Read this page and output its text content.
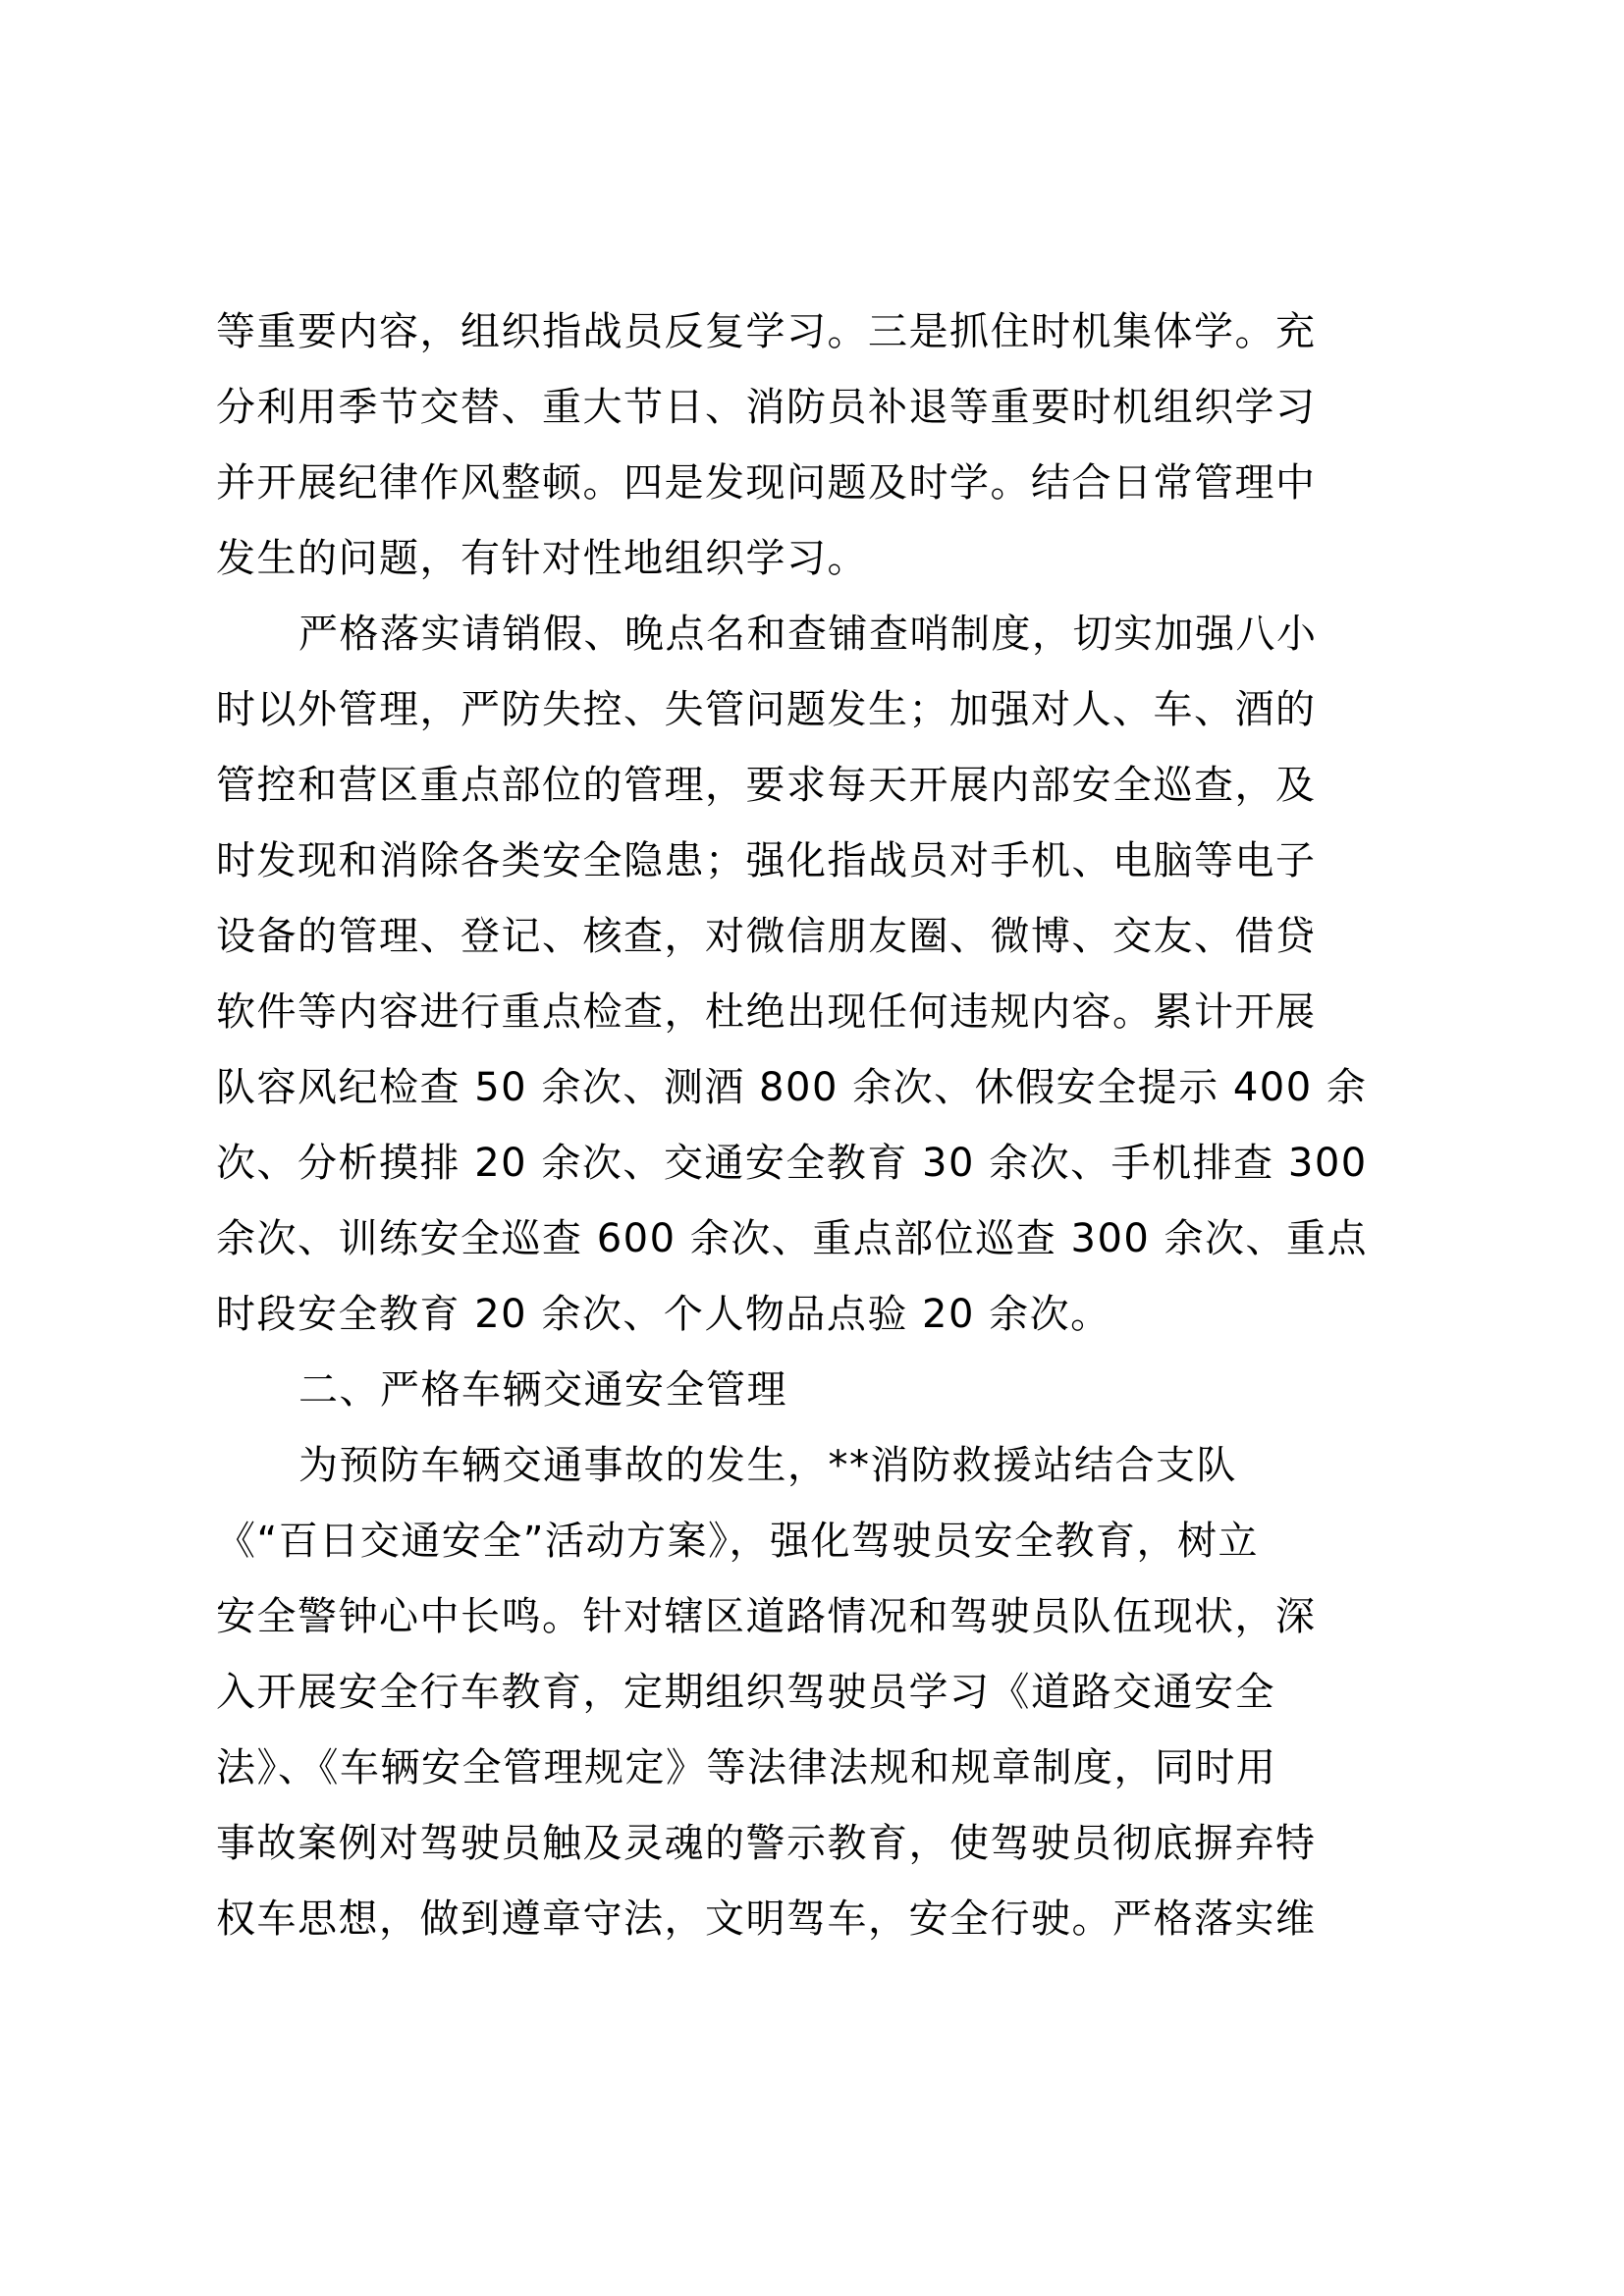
等重要内容，组织指战员反复学习。三是抓住时机集体学。充
分利用季节交替、重大节日、消防员补退等重要时机组织学习
并开展纪律作风整顿。四是发现问题及时学。结合日常管理中
发生的问题，有针对性地组织学习。
严格落实请销假、晚点名和查铺查哨制度，切实加强八小
时以外管理，严防失控、失管问题发生；加强对人、车、酒的
管控和营区重点部位的管理，要求每天开展内部安全巡查，及
时发现和消除各类安全隐患；强化指战员对手机、电脑等电子
设备的管理、登记、核查，对微信朋友圈、微博、交友、借贷
软件等内容进行重点检查，杜绝出现任何违规内容。累计开展
队容风纪检查 50 余次、测酒 800 余次、休假安全提示 400 余
次、分析摸排 20 余次、交通安全教育 30 余次、手机排查 300
余次、训练安全巡查 600 余次、重点部位巡查 300 余次、重点
时段安全教育 20 余次、个人物品点验 20 余次。
二、严格车辆交通安全管理
为预防车辆交通事故的发生，**消防救援站结合支队
《“百日交通安全”活动方案》，强化驾驶员安全教育，树立
安全警钟心中长鸣。针对辖区道路情况和驾驶员队伍现状，深
入开展安全行车教育，定期组织驾驶员学习《道路交通安全
法》、《车辆安全管理规定》等法律法规和规章制度，同时用
事故案例对驾驶员触及灵魂的警示教育，使驾驶员彻底摒弃特
权车思想，做到遵章守法，文明驾车，安全行驶。严格落实维
